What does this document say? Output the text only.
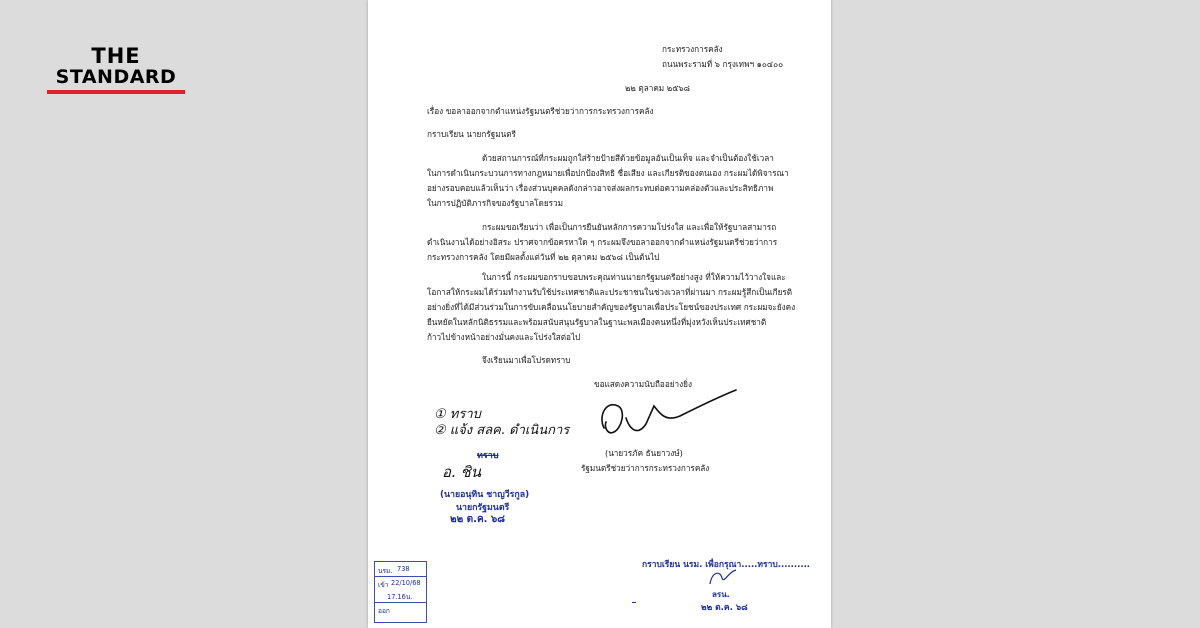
THE
STANDARD
กระทรวงการคลัง
ถนนพระรามที่ ๖ กรุงเทพฯ ๑๐๔๐๐
๒๒ ตุลาคม ๒๕๖๘
เรื่อง ขอลาออกจากตำแหน่งรัฐมนตรีช่วยว่าการกระทรวงการคลัง
กราบเรียน นายกรัฐมนตรี
ด้วยสถานการณ์ที่กระผมถูกใส่ร้ายป้ายสีด้วยข้อมูลอันเป็นเท็จ และจำเป็นต้องใช้เวลา
ในการดำเนินกระบวนการทางกฎหมายเพื่อปกป้องสิทธิ ชื่อเสียง และเกียรติของตนเอง กระผมได้พิจารณา
อย่างรอบคอบแล้วเห็นว่า เรื่องส่วนบุคคลดังกล่าวอาจส่งผลกระทบต่อความคล่องตัวและประสิทธิภาพ
ในการปฏิบัติภารกิจของรัฐบาลโดยรวม
กระผมขอเรียนว่า เพื่อเป็นการยืนยันหลักการความโปร่งใส และเพื่อให้รัฐบาลสามารถ
ดำเนินงานได้อย่างอิสระ ปราศจากข้อครหาใด ๆ กระผมจึงขอลาออกจากตำแหน่งรัฐมนตรีช่วยว่าการ
กระทรวงการคลัง โดยมีผลตั้งแต่วันที่ ๒๒ ตุลาคม ๒๕๖๘ เป็นต้นไป
ในการนี้ กระผมขอกราบขอบพระคุณท่านนายกรัฐมนตรีอย่างสูง ที่ให้ความไว้วางใจและ
โอกาสให้กระผมได้ร่วมทำงานรับใช้ประเทศชาติและประชาชนในช่วงเวลาที่ผ่านมา กระผมรู้สึกเป็นเกียรติ
อย่างยิ่งที่ได้มีส่วนร่วมในการขับเคลื่อนนโยบายสำคัญของรัฐบาลเพื่อประโยชน์ของประเทศ กระผมจะยังคง
ยืนหยัดในหลักนิติธรรมและพร้อมสนับสนุนรัฐบาลในฐานะพลเมืองคนหนึ่งที่มุ่งหวังเห็นประเทศชาติ
ก้าวไปข้างหน้าอย่างมั่นคงและโปร่งใสต่อไป
จึงเรียนมาเพื่อโปรดทราบ
ขอแสดงความนับถืออย่างยิ่ง
(นายวรภัค ธันยาวงษ์)
รัฐมนตรีช่วยว่าการกระทรวงการคลัง
① ทราบ
② แจ้ง สลค. ดำเนินการ
ทราบ
อ. ชิน
(นายอนุทิน ชาญวีรกูล)
นายกรัฐมนตรี
๒๒ ต.ค. ๖๘
กราบเรียน นรม. เพื่อกรุณา.....ทราบ..........
ลรน.
๒๒ ต.ค. ๖๘
นรม. 738
เข้า 22/10/68
17.16น.
ออก
